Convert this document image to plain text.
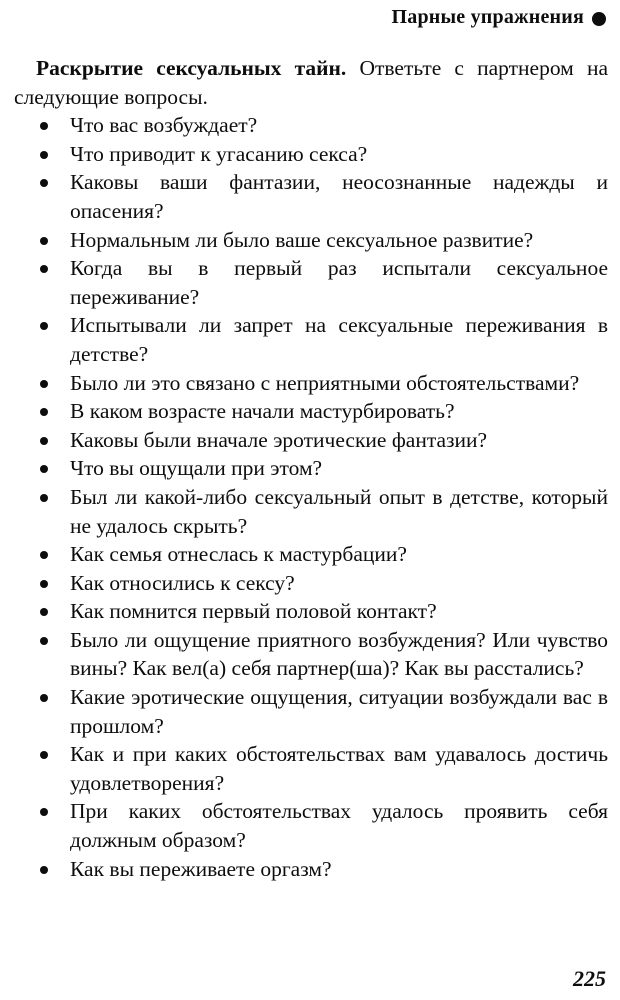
Парные упражнения

Раскрытие сексуальных тайн. Ответьте с партнером на следующие вопросы.

Что вас возбуждает?
Что приводит к угасанию секса?
Каковы ваши фантазии, неосознанные надежды и опасения?
Нормальным ли было ваше сексуальное развитие?
Когда вы в первый раз испытали сексуальное переживание?
Испытывали ли запрет на сексуальные переживания в детстве?
Было ли это связано с неприятными обстоятельствами?
В каком возрасте начали мастурбировать?
Каковы были вначале эротические фантазии?
Что вы ощущали при этом?
Был ли какой-либо сексуальный опыт в детстве, который не удалось скрыть?
Как семья отнеслась к мастурбации?
Как относились к сексу?
Как помнится первый половой контакт?
Было ли ощущение приятного возбуждения? Или чувство вины? Как вел(а) себя партнер(ша)? Как вы расстались?
Какие эротические ощущения, ситуации возбуждали вас в прошлом?
Как и при каких обстоятельствах вам удавалось достичь удовлетворения?
При каких обстоятельствах удалось проявить себя должным образом?
Как вы переживаете оргазм?
225
